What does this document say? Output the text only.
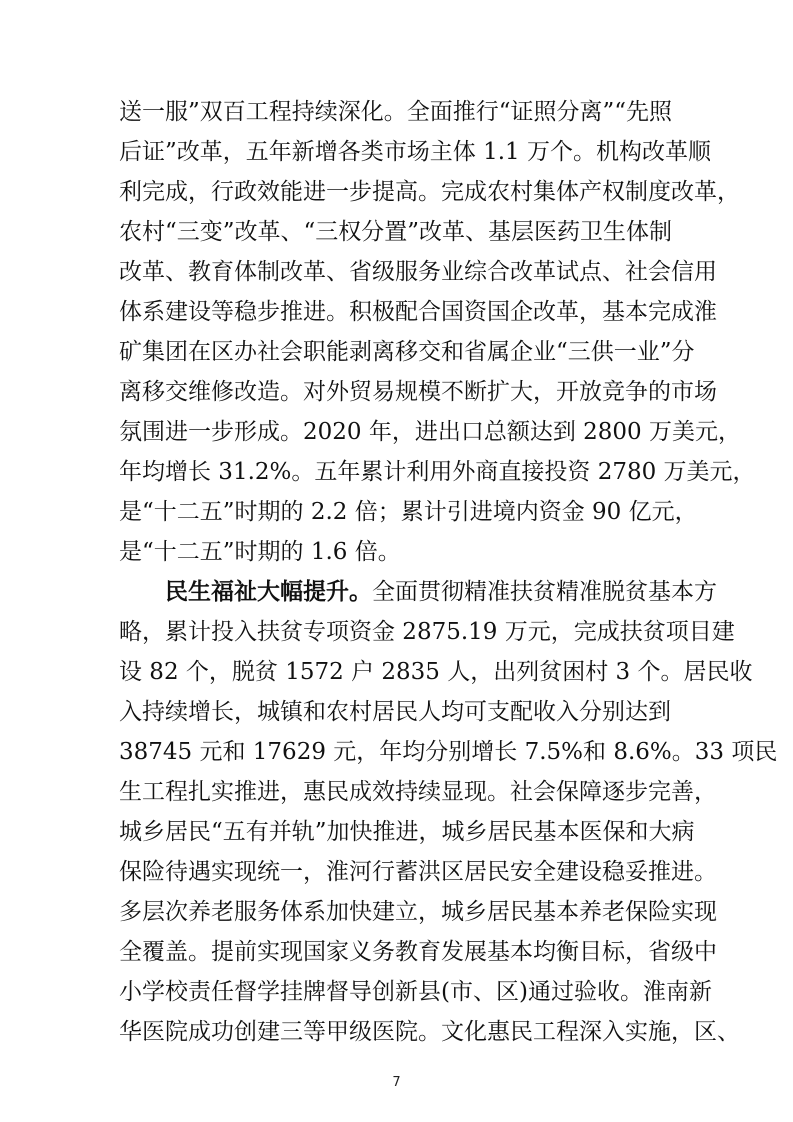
送一服”双百工程持续深化。全面推行“证照分离”“先照
后证”改革，五年新增各类市场主体 1.1 万个。机构改革顺
利完成，行政效能进一步提高。完成农村集体产权制度改革，
农村“三变”改革、“三权分置”改革、基层医药卫生体制
改革、教育体制改革、省级服务业综合改革试点、社会信用
体系建设等稳步推进。积极配合国资国企改革，基本完成淮
矿集团在区办社会职能剥离移交和省属企业“三供一业”分
离移交维修改造。对外贸易规模不断扩大，开放竞争的市场
氛围进一步形成。2020 年，进出口总额达到 2800 万美元，
年均增长 31.2%。五年累计利用外商直接投资 2780 万美元，
是“十二五”时期的 2.2 倍；累计引进境内资金 90 亿元，
是“十二五”时期的 1.6 倍。
民生福祉大幅提升。全面贯彻精准扶贫精准脱贫基本方
略，累计投入扶贫专项资金 2875.19 万元，完成扶贫项目建
设 82 个，脱贫 1572 户 2835 人，出列贫困村 3 个。居民收
入持续增长，城镇和农村居民人均可支配收入分别达到
38745 元和 17629 元，年均分别增长 7.5%和 8.6%。33 项民
生工程扎实推进，惠民成效持续显现。社会保障逐步完善，
城乡居民“五有并轨”加快推进，城乡居民基本医保和大病
保险待遇实现统一，淮河行蓄洪区居民安全建设稳妥推进。
多层次养老服务体系加快建立，城乡居民基本养老保险实现
全覆盖。提前实现国家义务教育发展基本均衡目标，省级中
小学校责任督学挂牌督导创新县(市、区)通过验收。淮南新
华医院成功创建三等甲级医院。文化惠民工程深入实施，区、
7
